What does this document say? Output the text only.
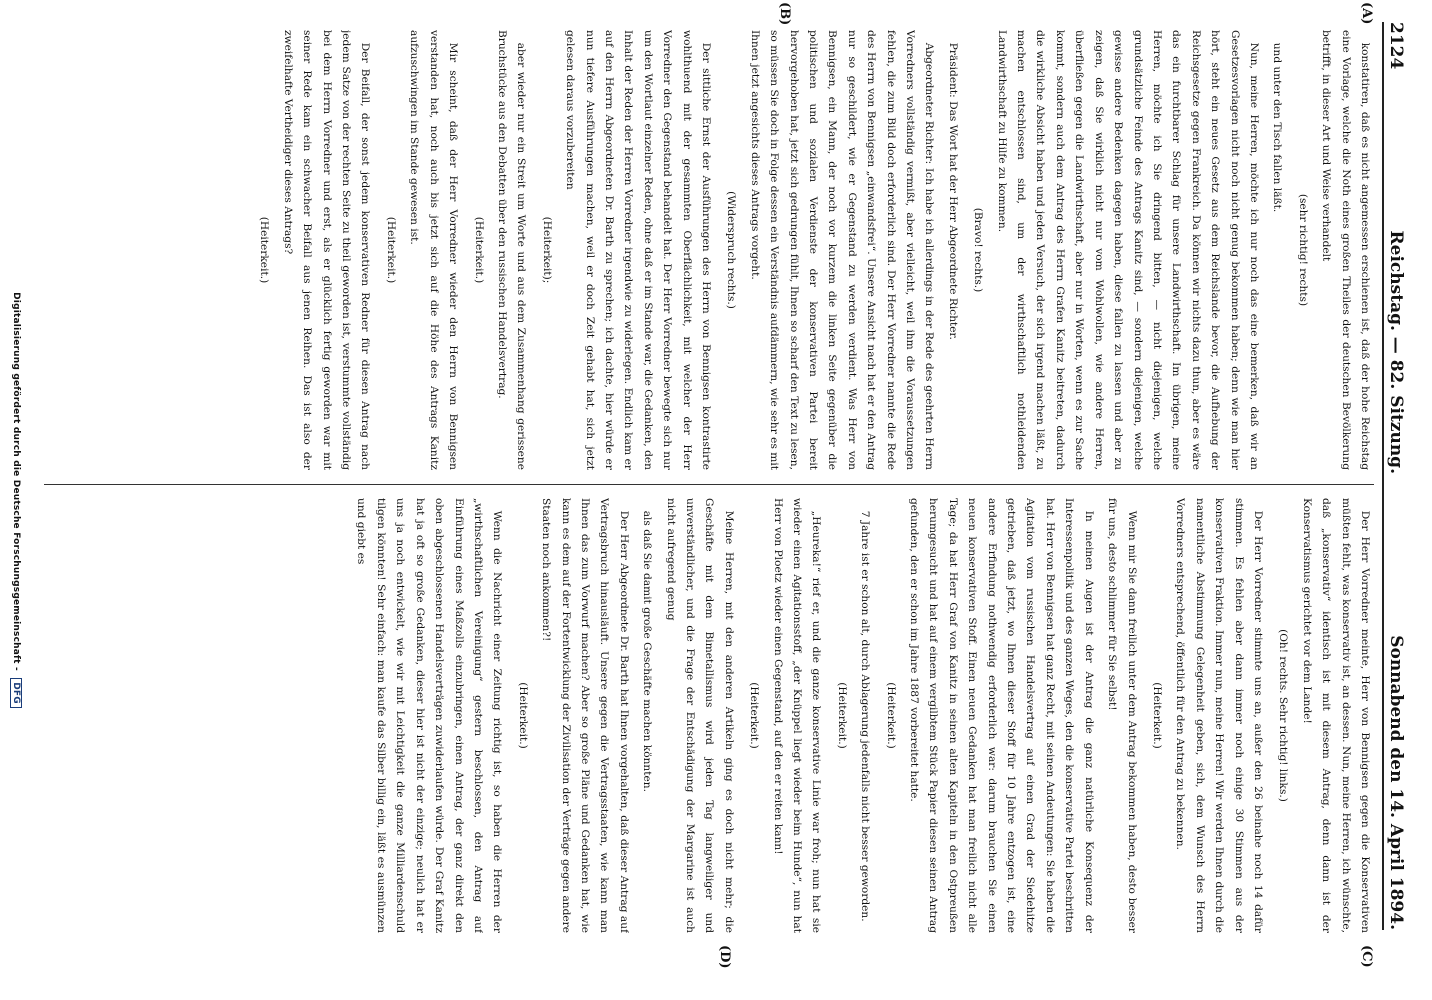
2124
Reichstag. — 82. Sitzung.
Sonnabend den 14. April 1894.
(A)
(B)
(C)
(D)

konstatiren, daß es nicht angemessen erschienen ist, daß der hohe Reichstag eine Vorlage, welche die Noth eines großen Theiles der deutschen Bevölkerung betrifft, in dieser Art und Weise verhandelt

(sehr richtig! rechts)

und unter den Tisch fallen läßt.

Nun, meine Herren, möchte ich nur noch das eine bemerken, daß wir an Gesetzesvorlagen nicht noch nicht genug bekommen haben; denn wie man hier hört, steht ein neues Gesetz aus dem Reichslande bevor, die Aufhebung der Reichsgesetze gegen Frankreich. Da können wir nichts dazu thun, aber es wäre das ein furchtbarer Schlag für unsere Landwirthschaft. Im übrigen, meine Herren, möchte ich Sie dringend bitten, — nicht diejenigen, welche grundsätzliche Feinde des Antrags Kanitz sind, — sondern diejenigen, welche gewisse andere Bedenken dagegen haben, diese fallen zu lassen und aber zu zeigen, daß Sie wirklich nicht nur vom Wohlwollen, wie andere Herren, überfließen gegen die Landwirthschaft, aber nur in Worten, wenn es zur Sache kommt, sondern auch dem Antrag des Herrn Grafen Kanitz beitreten, dadurch die wirkliche Absicht haben und jeden Versuch, der sich irgend machen läßt, zu machen entschlossen sind, um der wirthschaftlich nothleidenden Landwirthschaft zu Hilfe zu kommen.

(Bravo! rechts.)

Präsident: Das Wort hat der Herr Abgeordnete Richter.

Abgeordneter Richter: Ich habe ich allerdings in der Rede des geehrten Herrn Vorredners vollständig vermißt, aber vielleicht, weil ihm die Voraussetzungen fehlen, die zum Bild doch erforderlich sind. Der Herr Vorredner nannte die Rede des Herrn von Bennigsen „einwandsfrei“. Unsere Ansicht nach hat er den Antrag nur so geschildert, wie er Gegenstand zu werden verdient. Was Herr von Bennigsen, ein Mann, der noch vor kurzem die linken Seite gegenüber die politischen und sozialen Verdienste der konservativen Partei bereit hervorgehoben hat, jetzt sich gedrungen fühlt, Ihnen so scharf den Text zu lesen, so müssen Sie doch in Folge dessen ein Verständnis aufdämmern, wie sehr es mit Ihnen jetzt angesichts dieses Antrags vorgeht.

(Widerspruch rechts.)

Der sittliche Ernst der Ausführungen des Herrn von Bennigsen kontrastirte wohlthuend mit der gesammten Oberflächlichkeit, mit welcher der Herr Vorredner den Gegenstand behandelt hat. Der Herr Vorredner bewegte sich nur um den Wortlaut einzelner Reden, ohne daß er im Stande war, die Gedanken, den Inhalt der Reden der Herren Vorredner irgendwie zu widerlegen. Endlich kam er auf den Herrn Abgeordneten Dr. Barth zu sprechen; ich dachte, hier würde er nun tiefere Ausführungen machen, weil er doch Zeit gehabt hat, sich jetzt gelesen daraus vorzubereiten

(Heiterkeit);

aber wieder nur ein Streit um Worte und aus dem Zusammenhang gerissene Bruchstücke aus den Debatten über den russischen Handelsvertrag.

(Heiterkeit.)

Mir scheint, daß der Herr Vorredner wieder den Herrn von Bennigsen verstanden hat, noch auch bis jetzt sich auf die Höhe des Antrags Kanitz aufzuschwingen im Stande gewesen ist.

(Heiterkeit.)

Der Beifall, der sonst jedem konservativen Redner für diesen Antrag nach jedem Satze von der rechten Seite zu theil geworden ist, verstummte vollständig bei dem Herrn Vorredner und erst, als er glücklich fertig geworden war mit seiner Rede kam ein schwacher Beifall aus jenen Reihen. Das ist also der zweifelhafte Vertheidiger dieses Antrags?

(Heiterkeit.)

Der Herr Vorredner meinte, Herr von Bennigsen gegen die Konservativen müßten fehlt, was konservativ ist, an dessen. Nun, meine Herren, ich wünschte, daß „konservativ“ identisch ist mit diesem Antrag, denn dann ist der Konservatismus gerichtet vor dem Lande!

(Oh! rechts. Sehr richtig! links.)

Der Herr Vorredner stimmte uns an, außer den 26 beinahe noch 14 dafür stimmen. Es fehlen aber dann immer noch einige 30 Stimmen aus der konservativen Fraktion. Immer nun, meine Herren! Wir werden Ihnen durch die namentliche Abstimmung Gelegenheit geben, sich, dem Wunsch des Herrn Vorredners entsprechend, öffentlich für den Antrag zu bekennen.

(Heiterkeit.)

Wenn mir Sie dann freilich unter dem Antrag bekommen haben, desto besser für uns, desto schlimmer für Sie selbst!

In meinen Augen ist der Antrag die ganz natürliche Konsequenz der Interessenpolitik und des ganzen Weges, den die konservative Partei beschritten hat. Herr von Bennigsen hat ganz Recht, mit seinen Andeutungen: Sie haben die Agitation vom russischen Handelsvertrag auf einen Grad der Siedehitze getrieben, daß jetzt, wo Ihnen dieser Stoff für 10 Jahre entzogen ist, eine andere Erfindung nothwendig erforderlich war: darum brauchen Sie einen neuen konservativen Stoff. Einen neuen Gedanken hat man freilich nicht alle Tage; da hat Herr Graf von Kanitz in seinen alten Kapiteln in den Ostpreußen herumgesucht und hat auf einem vergilbtem Stück Papier diesen seinen Antrag gefunden, den er schon im Jahre 1887 vorbereitet hatte.

(Heiterkeit.)

7 Jahre ist er schon alt, durch Ablagerung jedenfalls nicht besser geworden.

(Heiterkeit.)

„Heureka!“ rief er, und die ganze konservative Linie war froh; nun hat sie wieder einen Agitationsstoff, „der Knüppel liegt wieder beim Hunde“, nun hat Herr von Ploetz wieder einen Gegenstand, auf den er reiten kann!

(Heiterkeit.)

Meine Herren, mit den anderen Artikeln ging es doch nicht mehr; die Geschäfte mit dem Bimetallismus wird jeden Tag langweiliger und unverständlicher, und die Frage der Entschädigung der Margarine ist auch nicht aufregend genug

als daß Sie damit große Geschäfte machen könnten.

Der Herr Abgeordnete Dr. Barth hat Ihnen vorgehalten, daß dieser Antrag auf Vertragsbruch hinausläuft. Unsere gegen die Vertragsstaaten, wie kann man Ihnen das zum Vorwurf machen? Aber so große Pläne und Gedanken hat, wie kann es dem auf der Fortentwicklung der Zivilisation der Verträge gegen andere Staaten noch ankommen?!

(Heiterkeit.)

Wenn die Nachricht einer Zeitung richtig ist, so haben die Herren der „wirthschaftlichen Vereinigung“ gestern beschlossen, den Antrag auf Einführung eines Maßzolls einzubringen, einen Antrag, der ganz direkt den oben abgeschlossenen Handelsverträgen zuwiderlaufen würde. Der Graf Kanitz hat ja oft so große Gedanken, dieser hier ist nicht der einzige; neulich hat er uns ja noch entwickelt, wie wir mit Leichtigkeit die ganze Milliardenschuld tilgen könnten! Sehr einfach: man kaufe das Silber billig ein, läßt es ausmünzen und giebt es

Digitalisierung gefördert durch die Deutsche Forschungsgemeinschaft - DFG
